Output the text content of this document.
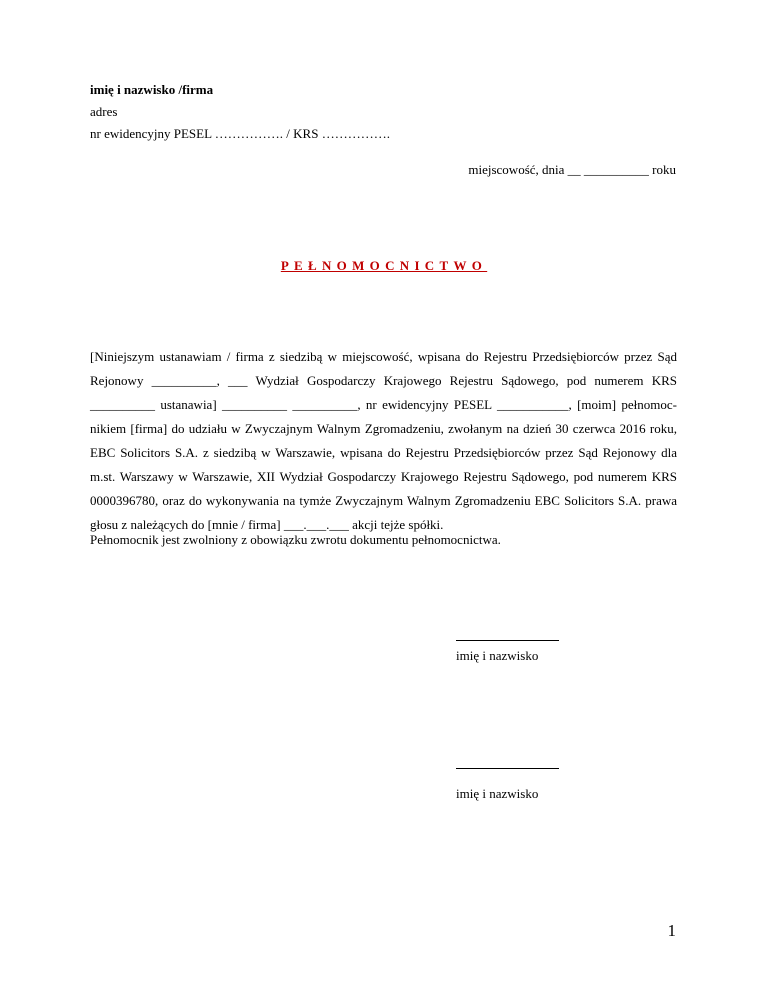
imię i nazwisko /firma
adres
nr ewidencyjny PESEL ……………. / KRS …………….
miejscowość, dnia __ __________ roku
PEŁNOMOCNICTWO
[Niniejszym ustanawiam / firma z siedzibą w miejscowość, wpisana do Rejestru Przedsiębiorców przez Sąd Rejonowy __________, ___ Wydział Gospodarczy Krajowego Rejestru Sądowego, pod numerem KRS __________ ustanawia] __________ __________, nr ewidencyjny PESEL ___________, [moim] pełnomoc-nikiem [firma] do udziału w Zwyczajnym Walnym Zgromadzeniu, zwołanym na dzień 30 czerwca 2016 roku, EBC Solicitors S.A. z siedzibą w Warszawie, wpisana do Rejestru Przedsiębiorców przez Sąd Rejonowy dla m.st. Warszawy w Warszawie, XII Wydział Gospodarczy Krajowego Rejestru Sądowego, pod numerem KRS 0000396780, oraz do wykonywania na tymże Zwyczajnym Walnym Zgromadzeniu EBC Solicitors S.A. prawa głosu z należących do [mnie / firma] ___.___.___ akcji tejże spółki.
Pełnomocnik jest zwolniony z obowiązku zwrotu dokumentu pełnomocnictwa.
imię i nazwisko
imię i nazwisko
1
